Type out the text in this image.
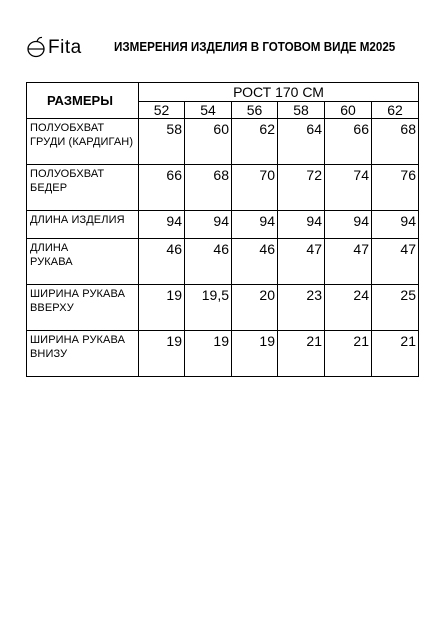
Fita	ИЗМЕРЕНИЯ ИЗДЕЛИЯ В ГОТОВОМ ВИДЕ М2025
РАЗМЕРЫ	РОСТ 170 СМ					
	52	54	56	58	60	62

ПОЛУОБХВАТ
ГРУДИ (КАРДИГАН)	58	60	62	64	66	68

ПОЛУОБХВАТ
БЕДЕР	66	68	70	72	74	76

ДЛИНА ИЗДЕЛИЯ	94	94	94	94	94	94

ДЛИНА
РУКАВА	46	46	46	47	47	47

ШИРИНА РУКАВА
ВВЕРХУ	19	19,5	20	23	24	25

ШИРИНА РУКАВА
ВНИЗУ	19	19	19	21	21	21
